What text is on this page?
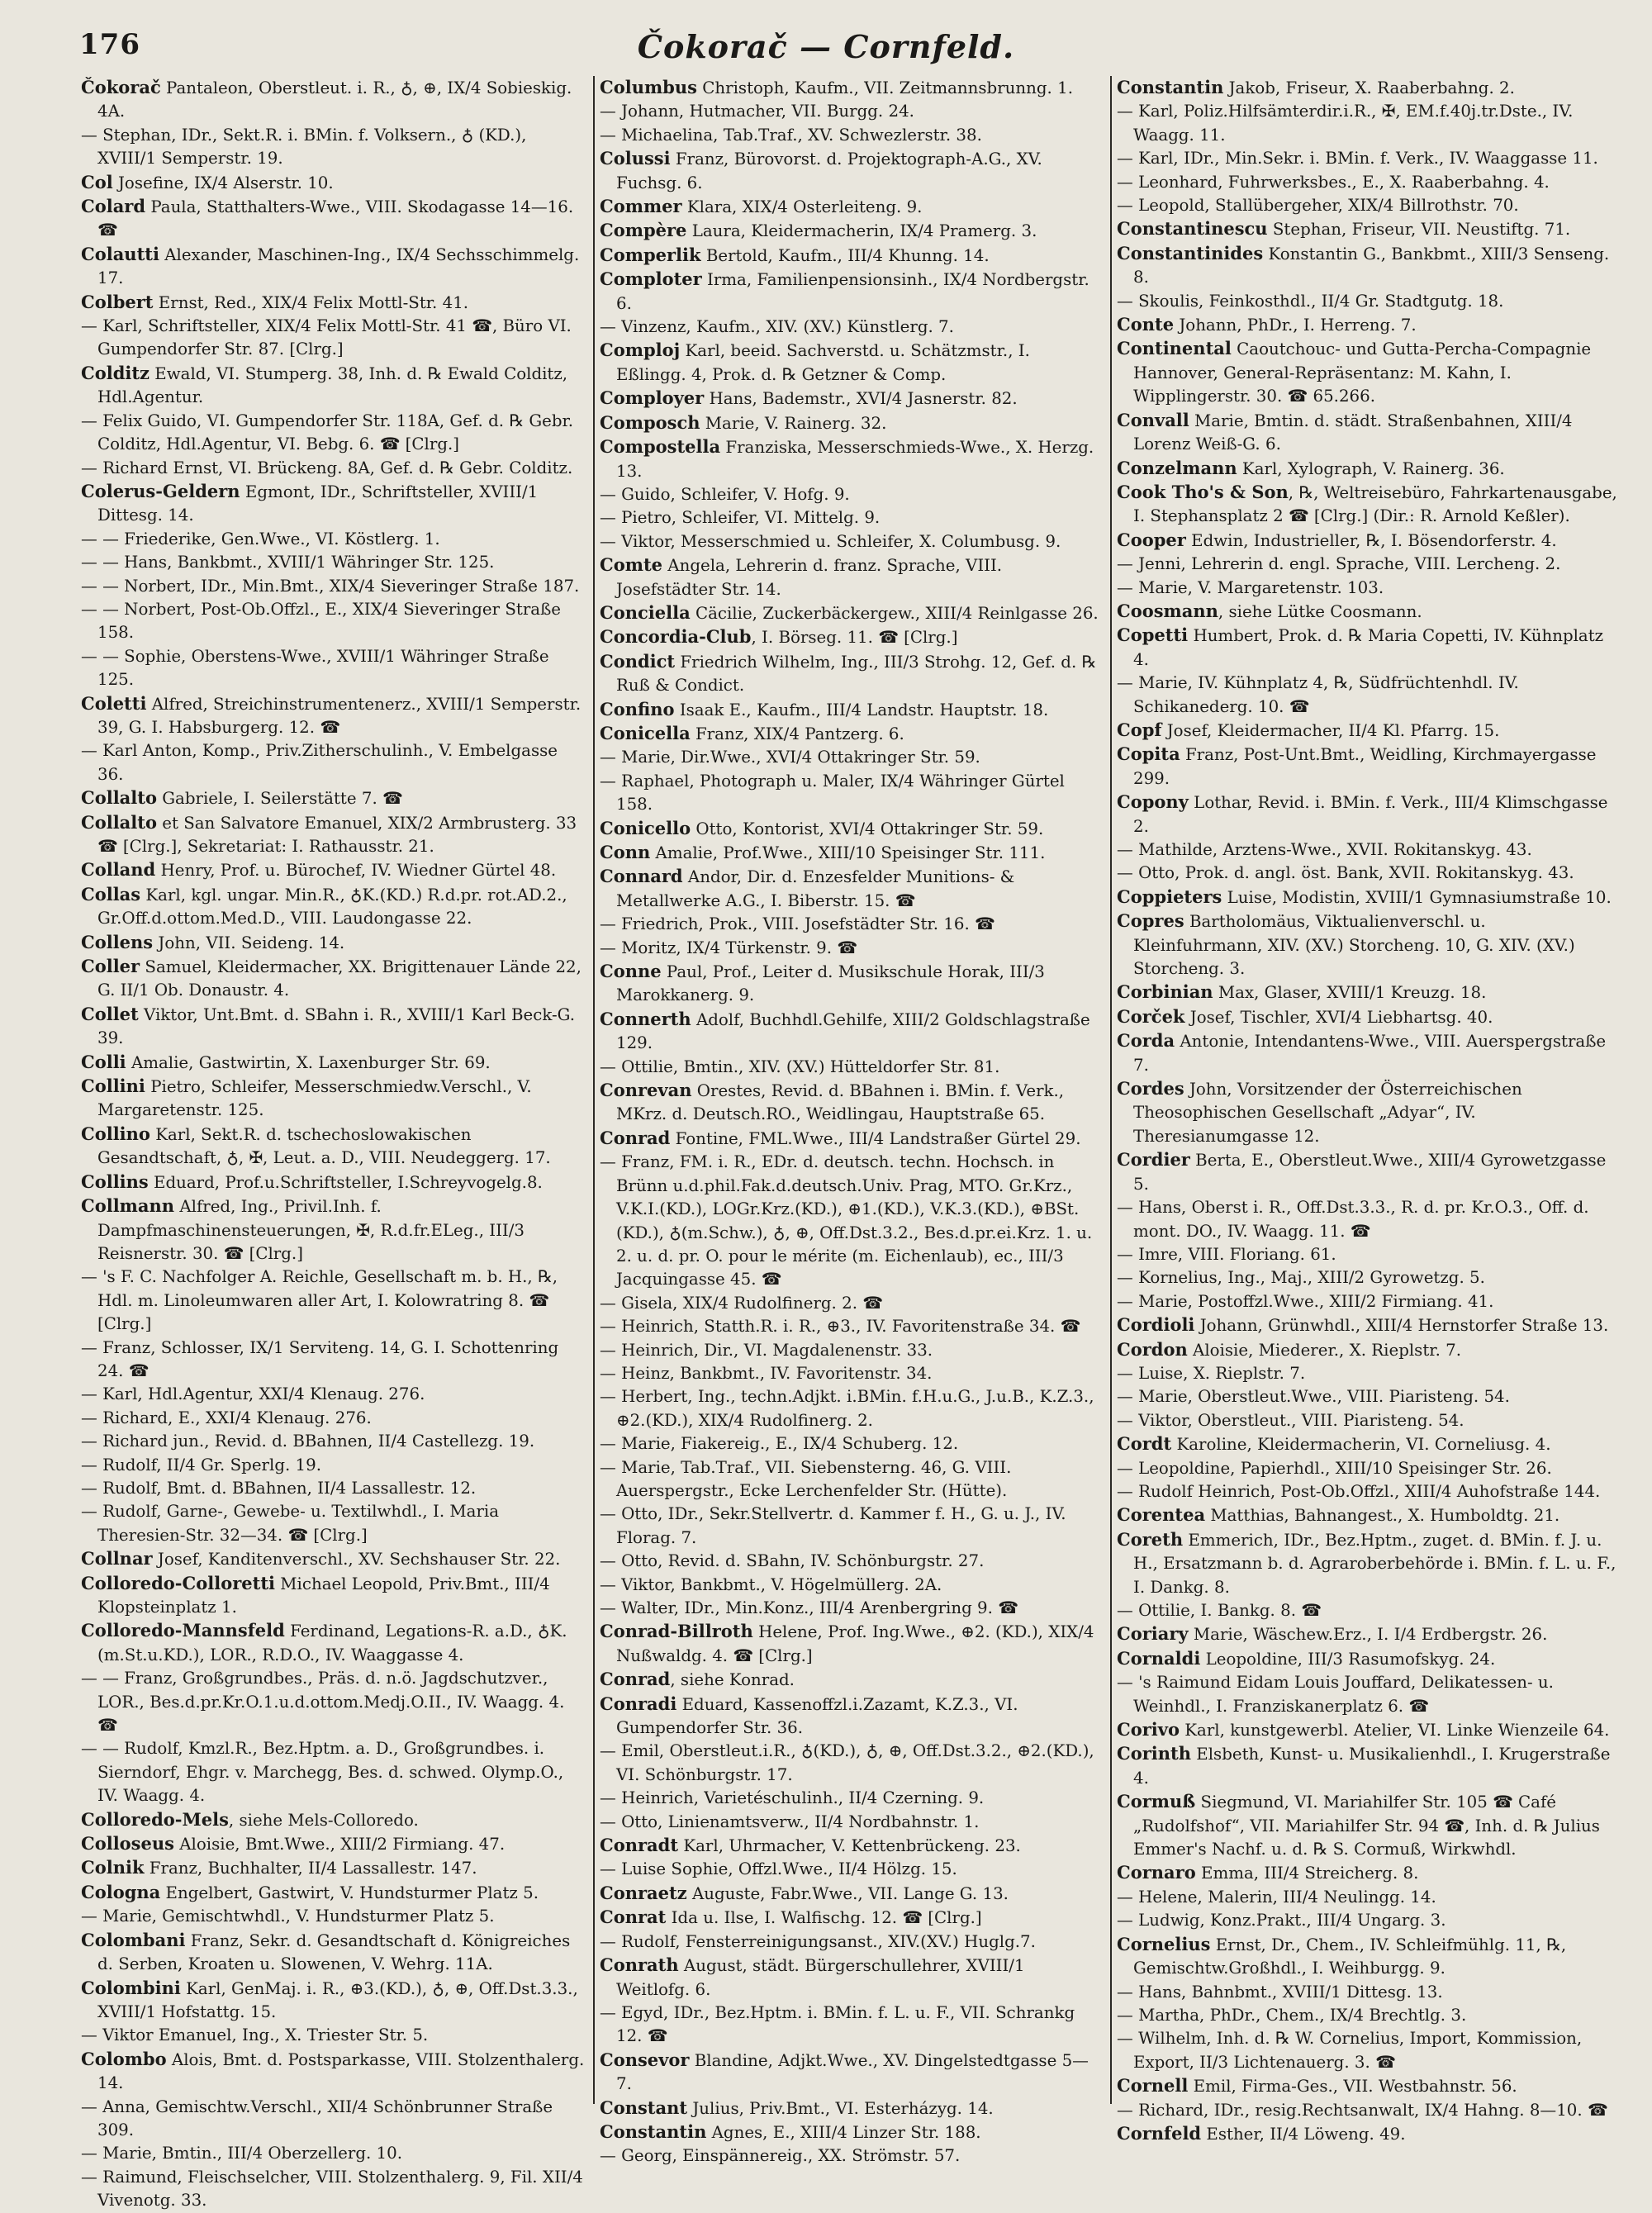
176	Čokorač — Cornfeld.
Čokorač Pantaleon, Oberstleut. i. R., ♁, ⊕, IX/4 Sobieskig. 4A.
— Stephan, IDr., Sekt.R. i. BMin. f. Volksern., ♁ (KD.), XVIII/1 Semperstr. 19.
Col Josefine, IX/4 Alserstr. 10.
Colard Paula, Statthalters-Wwe., VIII. Skodagasse 14—16. ☎
Colautti Alexander, Maschinen-Ing., IX/4 Sechsschimmelg. 17.
Colbert Ernst, Red., XIX/4 Felix Mottl-Str. 41.
— Karl, Schriftsteller, XIX/4 Felix Mottl-Str. 41 ☎, Büro VI. Gumpendorfer Str. 87. [Clrg.]
Colditz Ewald, VI. Stumperg. 38, Inh. d. ℞ Ewald Colditz, Hdl.Agentur.
— Felix Guido, VI. Gumpendorfer Str. 118A, Gef. d. ℞ Gebr. Colditz, Hdl.Agentur, VI. Bebg. 6. ☎ [Clrg.]
— Richard Ernst, VI. Brückeng. 8A, Gef. d. ℞ Gebr. Colditz.
Colerus-Geldern Egmont, IDr., Schriftsteller, XVIII/1 Dittesg. 14.
— — Friederike, Gen.Wwe., VI. Köstlerg. 1.
— — Hans, Bankbmt., XVIII/1 Währinger Str. 125.
— — Norbert, IDr., Min.Bmt., XIX/4 Sieveringer Straße 187.
— — Norbert, Post-Ob.Offzl., E., XIX/4 Sieveringer Straße 158.
— — Sophie, Oberstens-Wwe., XVIII/1 Währinger Straße 125.
Coletti Alfred, Streichinstrumentenerz., XVIII/1 Semperstr. 39, G. I. Habsburgerg. 12. ☎
— Karl Anton, Komp., Priv.Zitherschulinh., V. Embelgasse 36.
Collalto Gabriele, I. Seilerstätte 7. ☎
Collalto et San Salvatore Emanuel, XIX/2 Armbrusterg. 33 ☎ [Clrg.], Sekretariat: I. Rathausstr. 21.
Colland Henry, Prof. u. Bürochef, IV. Wiedner Gürtel 48.
Collas Karl, kgl. ungar. Min.R., ♁K.(KD.) R.d.pr. rot.AD.2., Gr.Off.d.ottom.Med.D., VIII. Laudongasse 22.
Collens John, VII. Seideng. 14.
Coller Samuel, Kleidermacher, XX. Brigittenauer Lände 22, G. II/1 Ob. Donaustr. 4.
Collet Viktor, Unt.Bmt. d. SBahn i. R., XVIII/1 Karl Beck-G. 39.
Colli Amalie, Gastwirtin, X. Laxenburger Str. 69.
Collini Pietro, Schleifer, Messerschmiedw.Verschl., V. Margaretenstr. 125.
Collino Karl, Sekt.R. d. tschechoslowakischen Gesandtschaft, ♁, ✠, Leut. a. D., VIII. Neudeggerg. 17.
Collins Eduard, Prof.u.Schriftsteller, I.Schreyvogelg.8.
Collmann Alfred, Ing., Privil.Inh. f. Dampfmaschinensteuerungen, ✠, R.d.fr.ELeg., III/3 Reisnerstr. 30. ☎ [Clrg.]
— 's F. C. Nachfolger A. Reichle, Gesellschaft m. b. H., ℞, Hdl. m. Linoleumwaren aller Art, I. Kolowratring 8. ☎ [Clrg.]
— Franz, Schlosser, IX/1 Serviteng. 14, G. I. Schottenring 24. ☎
— Karl, Hdl.Agentur, XXI/4 Klenaug. 276.
— Richard, E., XXI/4 Klenaug. 276.
— Richard jun., Revid. d. BBahnen, II/4 Castellezg. 19.
— Rudolf, II/4 Gr. Sperlg. 19.
— Rudolf, Bmt. d. BBahnen, II/4 Lassallestr. 12.
— Rudolf, Garne-, Gewebe- u. Textilwhdl., I. Maria Theresien-Str. 32—34. ☎ [Clrg.]
Collnar Josef, Kanditenverschl., XV. Sechshauser Str. 22.
Colloredo-Colloretti Michael Leopold, Priv.Bmt., III/4 Klopsteinplatz 1.
Colloredo-Mannsfeld Ferdinand, Legations-R. a.D., ♁K.(m.St.u.KD.), LOR., R.D.O., IV. Waaggasse 4.
— — Franz, Großgrundbes., Präs. d. n.ö. Jagdschutzver., LOR., Bes.d.pr.Kr.O.1.u.d.ottom.Medj.O.II., IV. Waagg. 4. ☎
— — Rudolf, Kmzl.R., Bez.Hptm. a. D., Großgrundbes. i. Sierndorf, Ehgr. v. Marchegg, Bes. d. schwed. Olymp.O., IV. Waagg. 4.
Colloredo-Mels, siehe Mels-Colloredo.
Colloseus Aloisie, Bmt.Wwe., XIII/2 Firmiang. 47.
Colnik Franz, Buchhalter, II/4 Lassallestr. 147.
Cologna Engelbert, Gastwirt, V. Hundsturmer Platz 5.
— Marie, Gemischtwhdl., V. Hundsturmer Platz 5.
Colombani Franz, Sekr. d. Gesandtschaft d. Königreiches d. Serben, Kroaten u. Slowenen, V. Wehrg. 11A.
Colombini Karl, GenMaj. i. R., ⊕3.(KD.), ♁, ⊕, Off.Dst.3.3., XVIII/1 Hofstattg. 15.
— Viktor Emanuel, Ing., X. Triester Str. 5.
Colombo Alois, Bmt. d. Postsparkasse, VIII. Stolzenthalerg. 14.
— Anna, Gemischtw.Verschl., XII/4 Schönbrunner Straße 309.
— Marie, Bmtin., III/4 Oberzellerg. 10.
— Raimund, Fleischselcher, VIII. Stolzenthalerg. 9, Fil. XII/4 Vivenotg. 33.
Columbus Christoph, Kaufm., VII. Zeitmannsbrunng. 1.
— Johann, Hutmacher, VII. Burgg. 24.
— Michaelina, Tab.Traf., XV. Schwezlerstr. 38.
Colussi Franz, Bürovorst. d. Projektograph-A.G., XV. Fuchsg. 6.
Commer Klara, XIX/4 Osterleiteng. 9.
Compère Laura, Kleidermacherin, IX/4 Pramerg. 3.
Comperlik Bertold, Kaufm., III/4 Khunng. 14.
Comploter Irma, Familienpensionsinh., IX/4 Nordbergstr. 6.
— Vinzenz, Kaufm., XIV. (XV.) Künstlerg. 7.
Comploj Karl, beeid. Sachverstd. u. Schätzmstr., I. Eßlingg. 4, Prok. d. ℞ Getzner & Comp.
Comployer Hans, Bademstr., XVI/4 Jasnerstr. 82.
Composch Marie, V. Rainerg. 32.
Compostella Franziska, Messerschmieds-Wwe., X. Herzg. 13.
— Guido, Schleifer, V. Hofg. 9.
— Pietro, Schleifer, VI. Mittelg. 9.
— Viktor, Messerschmied u. Schleifer, X. Columbusg. 9.
Comte Angela, Lehrerin d. franz. Sprache, VIII. Josefstädter Str. 14.
Conciella Cäcilie, Zuckerbäckergew., XIII/4 Reinlgasse 26.
Concordia-Club, I. Börseg. 11. ☎ [Clrg.]
Condict Friedrich Wilhelm, Ing., III/3 Strohg. 12, Gef. d. ℞ Ruß & Condict.
Confino Isaak E., Kaufm., III/4 Landstr. Hauptstr. 18.
Conicella Franz, XIX/4 Pantzerg. 6.
— Marie, Dir.Wwe., XVI/4 Ottakringer Str. 59.
— Raphael, Photograph u. Maler, IX/4 Währinger Gürtel 158.
Conicello Otto, Kontorist, XVI/4 Ottakringer Str. 59.
Conn Amalie, Prof.Wwe., XIII/10 Speisinger Str. 111.
Connard Andor, Dir. d. Enzesfelder Munitions- & Metallwerke A.G., I. Biberstr. 15. ☎
— Friedrich, Prok., VIII. Josefstädter Str. 16. ☎
— Moritz, IX/4 Türkenstr. 9. ☎
Conne Paul, Prof., Leiter d. Musikschule Horak, III/3 Marokkanerg. 9.
Connerth Adolf, Buchhdl.Gehilfe, XIII/2 Goldschlagstraße 129.
— Ottilie, Bmtin., XIV. (XV.) Hütteldorfer Str. 81.
Conrevan Orestes, Revid. d. BBahnen i. BMin. f. Verk., MKrz. d. Deutsch.RO., Weidlingau, Hauptstraße 65.
Conrad Fontine, FML.Wwe., III/4 Landstraßer Gürtel 29.
— Franz, FM. i. R., EDr. d. deutsch. techn. Hochsch. in Brünn u.d.phil.Fak.d.deutsch.Univ. Prag, MTO. Gr.Krz., V.K.I.(KD.), LOGr.Krz.(KD.), ⊕1.(KD.), V.K.3.(KD.), ⊕BSt.(KD.), ♁(m.Schw.), ♁, ⊕, Off.Dst.3.2., Bes.d.pr.ei.Krz. 1. u. 2. u. d. pr. O. pour le mérite (m. Eichenlaub), ec., III/3 Jacquingasse 45. ☎
— Gisela, XIX/4 Rudolfinerg. 2. ☎
— Heinrich, Statth.R. i. R., ⊕3., IV. Favoritenstraße 34. ☎
— Heinrich, Dir., VI. Magdalenenstr. 33.
— Heinz, Bankbmt., IV. Favoritenstr. 34.
— Herbert, Ing., techn.Adjkt. i.BMin. f.H.u.G., J.u.B., K.Z.3., ⊕2.(KD.), XIX/4 Rudolfinerg. 2.
— Marie, Fiakereig., E., IX/4 Schuberg. 12.
— Marie, Tab.Traf., VII. Siebensterng. 46, G. VIII. Auerspergstr., Ecke Lerchenfelder Str. (Hütte).
— Otto, IDr., Sekr.Stellvertr. d. Kammer f. H., G. u. J., IV. Florag. 7.
— Otto, Revid. d. SBahn, IV. Schönburgstr. 27.
— Viktor, Bankbmt., V. Högelmüllerg. 2A.
— Walter, IDr., Min.Konz., III/4 Arenbergring 9. ☎
Conrad-Billroth Helene, Prof. Ing.Wwe., ⊕2. (KD.), XIX/4 Nußwaldg. 4. ☎ [Clrg.]
Conrad, siehe Konrad.
Conradi Eduard, Kassenoffzl.i.Zazamt, K.Z.3., VI. Gumpendorfer Str. 36.
— Emil, Oberstleut.i.R., ♁(KD.), ♁, ⊕, Off.Dst.3.2., ⊕2.(KD.), VI. Schönburgstr. 17.
— Heinrich, Varietéschulinh., II/4 Czerning. 9.
— Otto, Linienamtsverw., II/4 Nordbahnstr. 1.
Conradt Karl, Uhrmacher, V. Kettenbrückeng. 23.
— Luise Sophie, Offzl.Wwe., II/4 Hölzg. 15.
Conraetz Auguste, Fabr.Wwe., VII. Lange G. 13.
Conrat Ida u. Ilse, I. Walfischg. 12. ☎ [Clrg.]
— Rudolf, Fensterreinigungsanst., XIV.(XV.) Huglg.7.
Conrath August, städt. Bürgerschullehrer, XVIII/1 Weitlofg. 6.
— Egyd, IDr., Bez.Hptm. i. BMin. f. L. u. F., VII. Schrankg 12. ☎
Consevor Blandine, Adjkt.Wwe., XV. Dingelstedtgasse 5—7.
Constant Julius, Priv.Bmt., VI. Esterházyg. 14.
Constantin Agnes, E., XIII/4 Linzer Str. 188.
— Georg, Einspännereig., XX. Strömstr. 57.
Constantin Jakob, Friseur, X. Raaberbahng. 2.
— Karl, Poliz.Hilfsämterdir.i.R., ✠, EM.f.40j.tr.Dste., IV. Waagg. 11.
— Karl, IDr., Min.Sekr. i. BMin. f. Verk., IV. Waaggasse 11.
— Leonhard, Fuhrwerksbes., E., X. Raaberbahng. 4.
— Leopold, Stallübergeher, XIX/4 Billrothstr. 70.
Constantinescu Stephan, Friseur, VII. Neustiftg. 71.
Constantinides Konstantin G., Bankbmt., XIII/3 Senseng. 8.
— Skoulis, Feinkosthdl., II/4 Gr. Stadtgutg. 18.
Conte Johann, PhDr., I. Herreng. 7.
Continental Caoutchouc- und Gutta-Percha-Compagnie Hannover, General-Repräsentanz: M. Kahn, I. Wipplingerstr. 30. ☎ 65.266.
Convall Marie, Bmtin. d. städt. Straßenbahnen, XIII/4 Lorenz Weiß-G. 6.
Conzelmann Karl, Xylograph, V. Rainerg. 36.
Cook Tho's & Son, ℞, Weltreisebüro, Fahrkartenausgabe, I. Stephansplatz 2 ☎ [Clrg.] (Dir.: R. Arnold Keßler).
Cooper Edwin, Industrieller, ℞, I. Bösendorferstr. 4.
— Jenni, Lehrerin d. engl. Sprache, VIII. Lercheng. 2.
— Marie, V. Margaretenstr. 103.
Coosmann, siehe Lütke Coosmann.
Copetti Humbert, Prok. d. ℞ Maria Copetti, IV. Kühnplatz 4.
— Marie, IV. Kühnplatz 4, ℞, Südfrüchtenhdl. IV. Schikanederg. 10. ☎
Copf Josef, Kleidermacher, II/4 Kl. Pfarrg. 15.
Copita Franz, Post-Unt.Bmt., Weidling, Kirchmayergasse 299.
Copony Lothar, Revid. i. BMin. f. Verk., III/4 Klimschgasse 2.
— Mathilde, Arztens-Wwe., XVII. Rokitanskyg. 43.
— Otto, Prok. d. angl. öst. Bank, XVII. Rokitanskyg. 43.
Coppieters Luise, Modistin, XVIII/1 Gymnasiumstraße 10.
Copres Bartholomäus, Viktualienverschl. u. Kleinfuhrmann, XIV. (XV.) Storcheng. 10, G. XIV. (XV.) Storcheng. 3.
Corbinian Max, Glaser, XVIII/1 Kreuzg. 18.
Corček Josef, Tischler, XVI/4 Liebhartsg. 40.
Corda Antonie, Intendantens-Wwe., VIII. Auerspergstraße 7.
Cordes John, Vorsitzender der Österreichischen Theosophischen Gesellschaft „Adyar“, IV. Theresianumgasse 12.
Cordier Berta, E., Oberstleut.Wwe., XIII/4 Gyrowetzgasse 5.
— Hans, Oberst i. R., Off.Dst.3.3., R. d. pr. Kr.O.3., Off. d. mont. DO., IV. Waagg. 11. ☎
— Imre, VIII. Floriang. 61.
— Kornelius, Ing., Maj., XIII/2 Gyrowetzg. 5.
— Marie, Postoffzl.Wwe., XIII/2 Firmiang. 41.
Cordioli Johann, Grünwhdl., XIII/4 Hernstorfer Straße 13.
Cordon Aloisie, Miederer., X. Rieplstr. 7.
— Luise, X. Rieplstr. 7.
— Marie, Oberstleut.Wwe., VIII. Piaristeng. 54.
— Viktor, Oberstleut., VIII. Piaristeng. 54.
Cordt Karoline, Kleidermacherin, VI. Corneliusg. 4.
— Leopoldine, Papierhdl., XIII/10 Speisinger Str. 26.
— Rudolf Heinrich, Post-Ob.Offzl., XIII/4 Auhofstraße 144.
Corentea Matthias, Bahnangest., X. Humboldtg. 21.
Coreth Emmerich, IDr., Bez.Hptm., zuget. d. BMin. f. J. u. H., Ersatzmann b. d. Agraroberbehörde i. BMin. f. L. u. F., I. Dankg. 8.
— Ottilie, I. Bankg. 8. ☎
Coriary Marie, Wäschew.Erz., I. I/4 Erdbergstr. 26.
Cornaldi Leopoldine, III/3 Rasumofskyg. 24.
— 's Raimund Eidam Louis Jouffard, Delikatessen- u. Weinhdl., I. Franziskanerplatz 6. ☎
Corivo Karl, kunstgewerbl. Atelier, VI. Linke Wienzeile 64.
Corinth Elsbeth, Kunst- u. Musikalienhdl., I. Krugerstraße 4.
Cormuß Siegmund, VI. Mariahilfer Str. 105 ☎ Café „Rudolfshof“, VII. Mariahilfer Str. 94 ☎, Inh. d. ℞ Julius Emmer's Nachf. u. d. ℞ S. Cormuß, Wirkwhdl.
Cornaro Emma, III/4 Streicherg. 8.
— Helene, Malerin, III/4 Neulingg. 14.
— Ludwig, Konz.Prakt., III/4 Ungarg. 3.
Cornelius Ernst, Dr., Chem., IV. Schleifmühlg. 11, ℞, Gemischtw.Großhdl., I. Weihburgg. 9.
— Hans, Bahnbmt., XVIII/1 Dittesg. 13.
— Martha, PhDr., Chem., IX/4 Brechtlg. 3.
— Wilhelm, Inh. d. ℞ W. Cornelius, Import, Kommission, Export, II/3 Lichtenauerg. 3. ☎
Cornell Emil, Firma-Ges., VII. Westbahnstr. 56.
— Richard, IDr., resig.Rechtsanwalt, IX/4 Hahng. 8—10. ☎
Cornfeld Esther, II/4 Löweng. 49.
